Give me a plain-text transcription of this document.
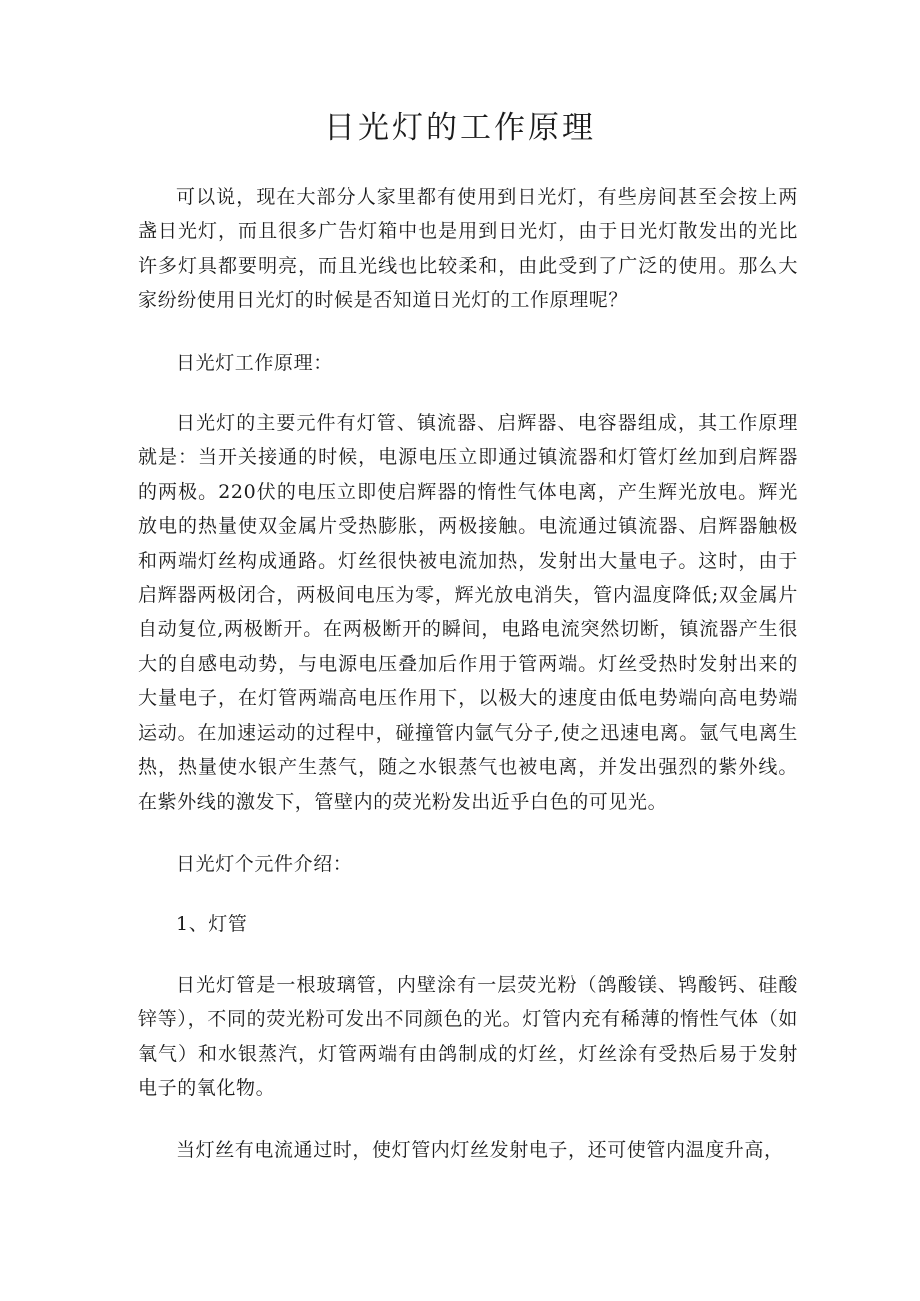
日光灯的工作原理

可以说，现在大部分人家里都有使用到日光灯，有些房间甚至会按上两盏日光灯，而且很多广告灯箱中也是用到日光灯，由于日光灯散发出的光比许多灯具都要明亮，而且光线也比较柔和，由此受到了广泛的使用。那么大家纷纷使用日光灯的时候是否知道日光灯的工作原理呢？

日光灯工作原理：

日光灯的主要元件有灯管、镇流器、启辉器、电容器组成，其工作原理就是：当开关接通的时候，电源电压立即通过镇流器和灯管灯丝加到启辉器的两极。220伏的电压立即使启辉器的惰性气体电离，产生辉光放电。辉光放电的热量使双金属片受热膨胀，两极接触。电流通过镇流器、启辉器触极和两端灯丝构成通路。灯丝很快被电流加热，发射出大量电子。这时，由于启辉器两极闭合，两极间电压为零，辉光放电消失，管内温度降低;双金属片自动复位,两极断开。在两极断开的瞬间，电路电流突然切断，镇流器产生很大的自感电动势，与电源电压叠加后作用于管两端。灯丝受热时发射出来的大量电子，在灯管两端高电压作用下，以极大的速度由低电势端向高电势端运动。在加速运动的过程中，碰撞管内氩气分子,使之迅速电离。氩气电离生热，热量使水银产生蒸气，随之水银蒸气也被电离，并发出强烈的紫外线。在紫外线的激发下，管壁内的荧光粉发出近乎白色的可见光。

日光灯个元件介绍：

1、灯管

日光灯管是一根玻璃管，内壁涂有一层荧光粉（鸽酸镁、鸨酸钙、硅酸锌等），不同的荧光粉可发出不同颜色的光。灯管内充有稀薄的惰性气体（如氧气）和水银蒸汽，灯管两端有由鸽制成的灯丝，灯丝涂有受热后易于发射电子的氧化物。

当灯丝有电流通过时，使灯管内灯丝发射电子，还可使管内温度升高，
